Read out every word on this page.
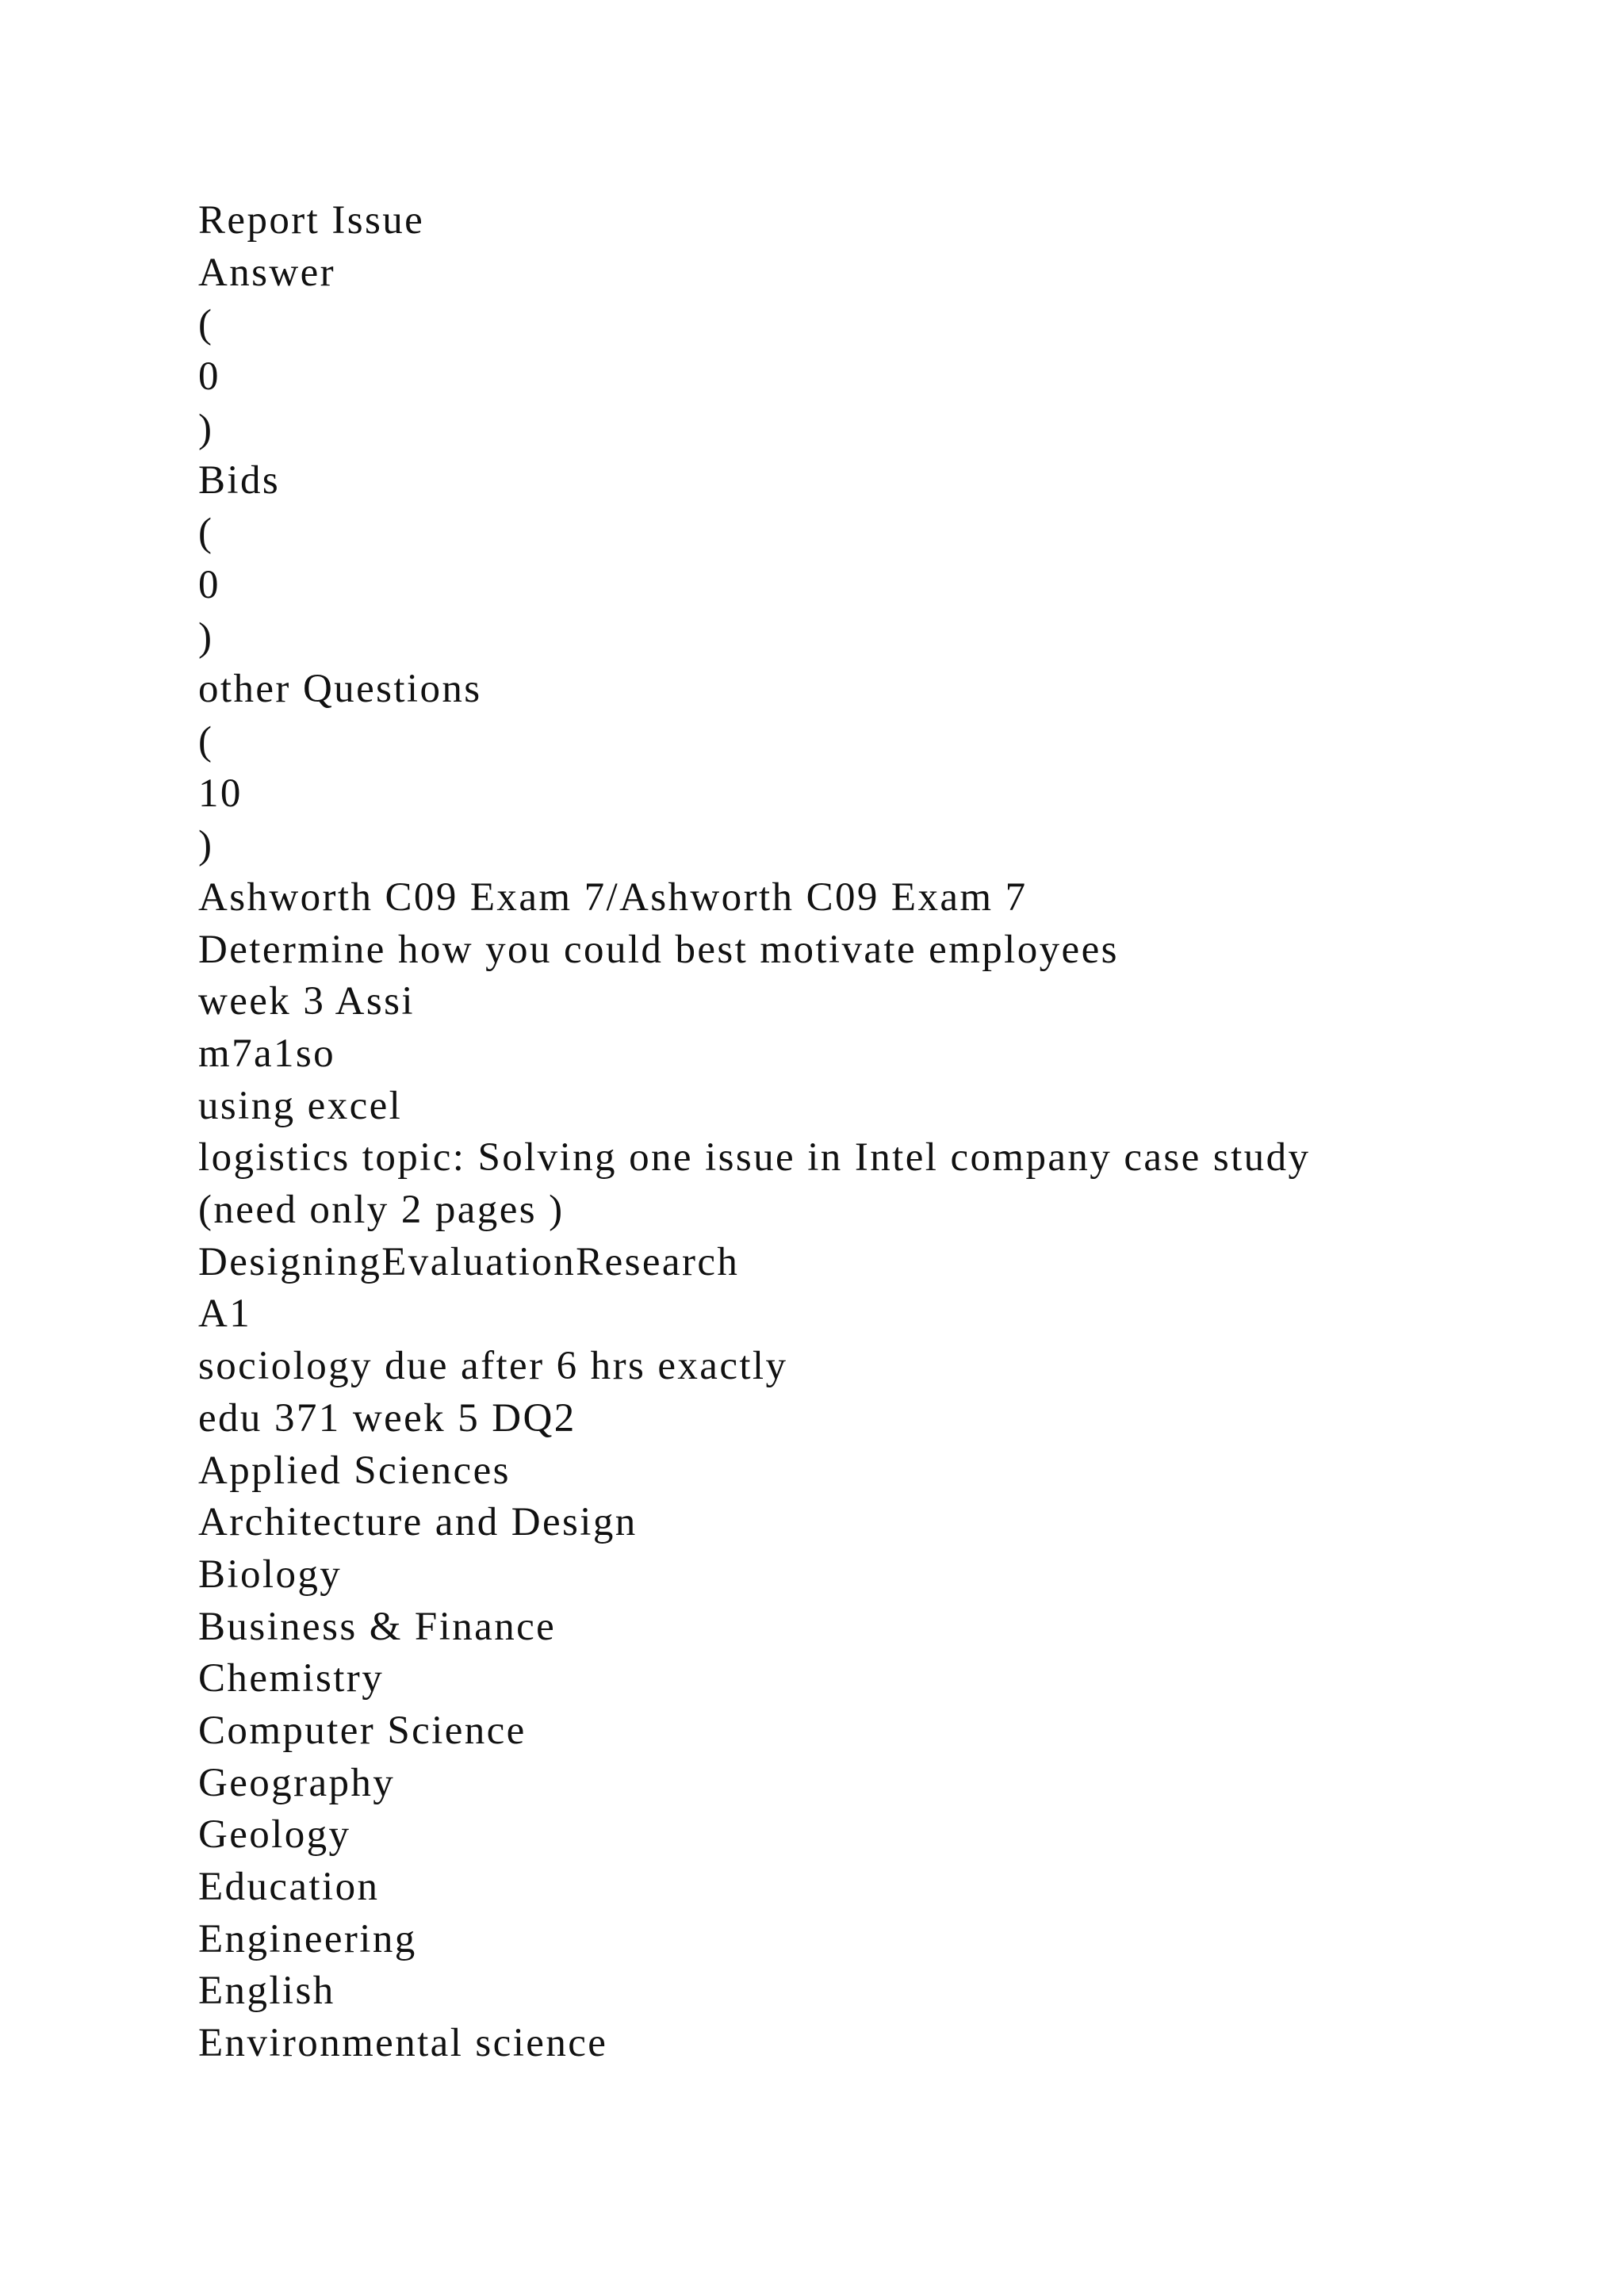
Report Issue
Answer
(
0
)
Bids
(
0
)
other Questions
(
10
)
Ashworth C09 Exam 7/Ashworth C09 Exam 7
Determine how you could best motivate employees
week 3 Assi
m7a1so
using excel
logistics topic: Solving one issue in Intel company case study
(need only 2 pages )
DesigningEvaluationResearch
A1
sociology due after 6 hrs exactly
edu 371 week 5 DQ2
Applied Sciences
Architecture and Design
Biology
Business & Finance
Chemistry
Computer Science
Geography
Geology
Education
Engineering
English
Environmental science
